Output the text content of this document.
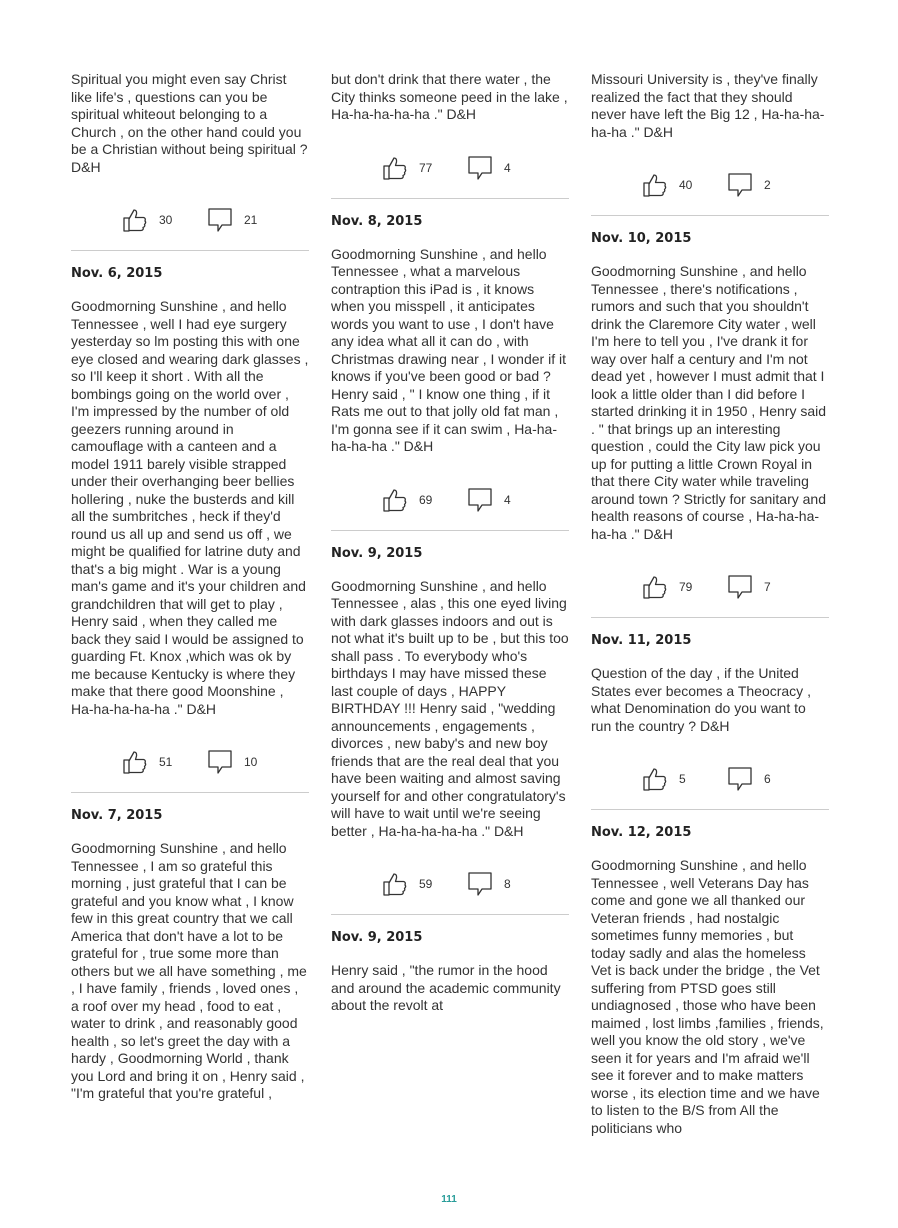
Spiritual you might even say Christ like life's , questions can you be spiritual whiteout belonging to a Church , on the other hand could you be a Christian without being spiritual ? D&H

30	21
Nov. 6, 2015

Goodmorning Sunshine , and hello Tennessee , well I had eye surgery yesterday so lm posting this with one eye closed and wearing dark glasses , so I'll keep it short . With all the bombings going on the world over , I'm impressed by the number of old geezers running around in camouflage with a canteen and a model 1911 barely visible strapped under their overhanging beer bellies hollering , nuke the busterds and kill all the sumbritches , heck if they'd round us all up and send us off , we might be qualified for latrine duty and that's a big might . War is a young man's game and it's your children and grandchildren that will get to play , Henry said , when they called me back they said I would be assigned to guarding Ft. Knox ,which was ok by me because Kentucky is where they make that there good Moonshine , Ha-ha-ha-ha-ha ." D&H

51	10
Nov. 7, 2015

Goodmorning Sunshine , and hello Tennessee , I am so grateful this morning , just grateful that I can be grateful and you know what , I know few in this great country that we call America that don't have a lot to be grateful for , true some more than others but we all have something , me , I have family , friends , loved ones , a roof over my head , food to eat , water to drink , and reasonably good health , so let's greet the day with a hardy , Goodmorning World , thank you Lord and bring it on , Henry said , "I'm grateful that you're grateful ,

but don't drink that there water , the City thinks someone peed in the lake , Ha-ha-ha-ha-ha ." D&H

77	4
Nov. 8, 2015

Goodmorning Sunshine , and hello Tennessee , what a marvelous contraption this iPad is , it knows when you misspell , it anticipates words you want to use , I don't have any idea what all it can do , with Christmas drawing near , I wonder if it knows if you've been good or bad ? Henry said , " I know one thing , if it Rats me out to that jolly old fat man , I'm gonna see if it can swim , Ha-ha-ha-ha-ha ." D&H

69	4
Nov. 9, 2015

Goodmorning Sunshine , and hello Tennessee , alas , this one eyed living with dark glasses indoors and out is not what it's built up to be , but this too shall pass . To everybody who's birthdays I may have missed these last couple of days , HAPPY BIRTHDAY !!! Henry said , "wedding announcements , engagements , divorces , new baby's and new boy friends that are the real deal that you have been waiting and almost saving yourself for and other congratulatory's will have to wait until we're seeing better , Ha-ha-ha-ha-ha ." D&H

59	8
Nov. 9, 2015

Henry said , "the rumor in the hood and around the academic community about the revolt at

Missouri University is , they've finally realized the fact that they should never have left the Big 12 , Ha-ha-ha-ha-ha ." D&H

40	2
Nov. 10, 2015

Goodmorning Sunshine , and hello Tennessee , there's notifications , rumors and such that you shouldn't drink the Claremore City water , well I'm here to tell you , I've drank it for way over half a century and I'm not dead yet , however I must admit that I look a little older than I did before I started drinking it in 1950 , Henry said . " that brings up an interesting question , could the City law pick you up for putting a little Crown Royal in that there City water while traveling around town ? Strictly for sanitary and health reasons of course , Ha-ha-ha-ha-ha ." D&H

79	7
Nov. 11, 2015

Question of the day , if the United States ever becomes a Theocracy , what Denomination do you want to run the country ? D&H

5	6
Nov. 12, 2015

Goodmorning Sunshine , and hello Tennessee , well Veterans Day has come and gone we all thanked our Veteran friends , had nostalgic sometimes funny memories , but today sadly and alas the homeless Vet is back under the bridge , the Vet suffering from PTSD goes still undiagnosed , those who have been maimed , lost limbs ,families , friends, well you know the old story , we've seen it for years and I'm afraid we'll see it forever and to make matters worse , its election time and we have to listen to the B/S from All the politicians who

111
